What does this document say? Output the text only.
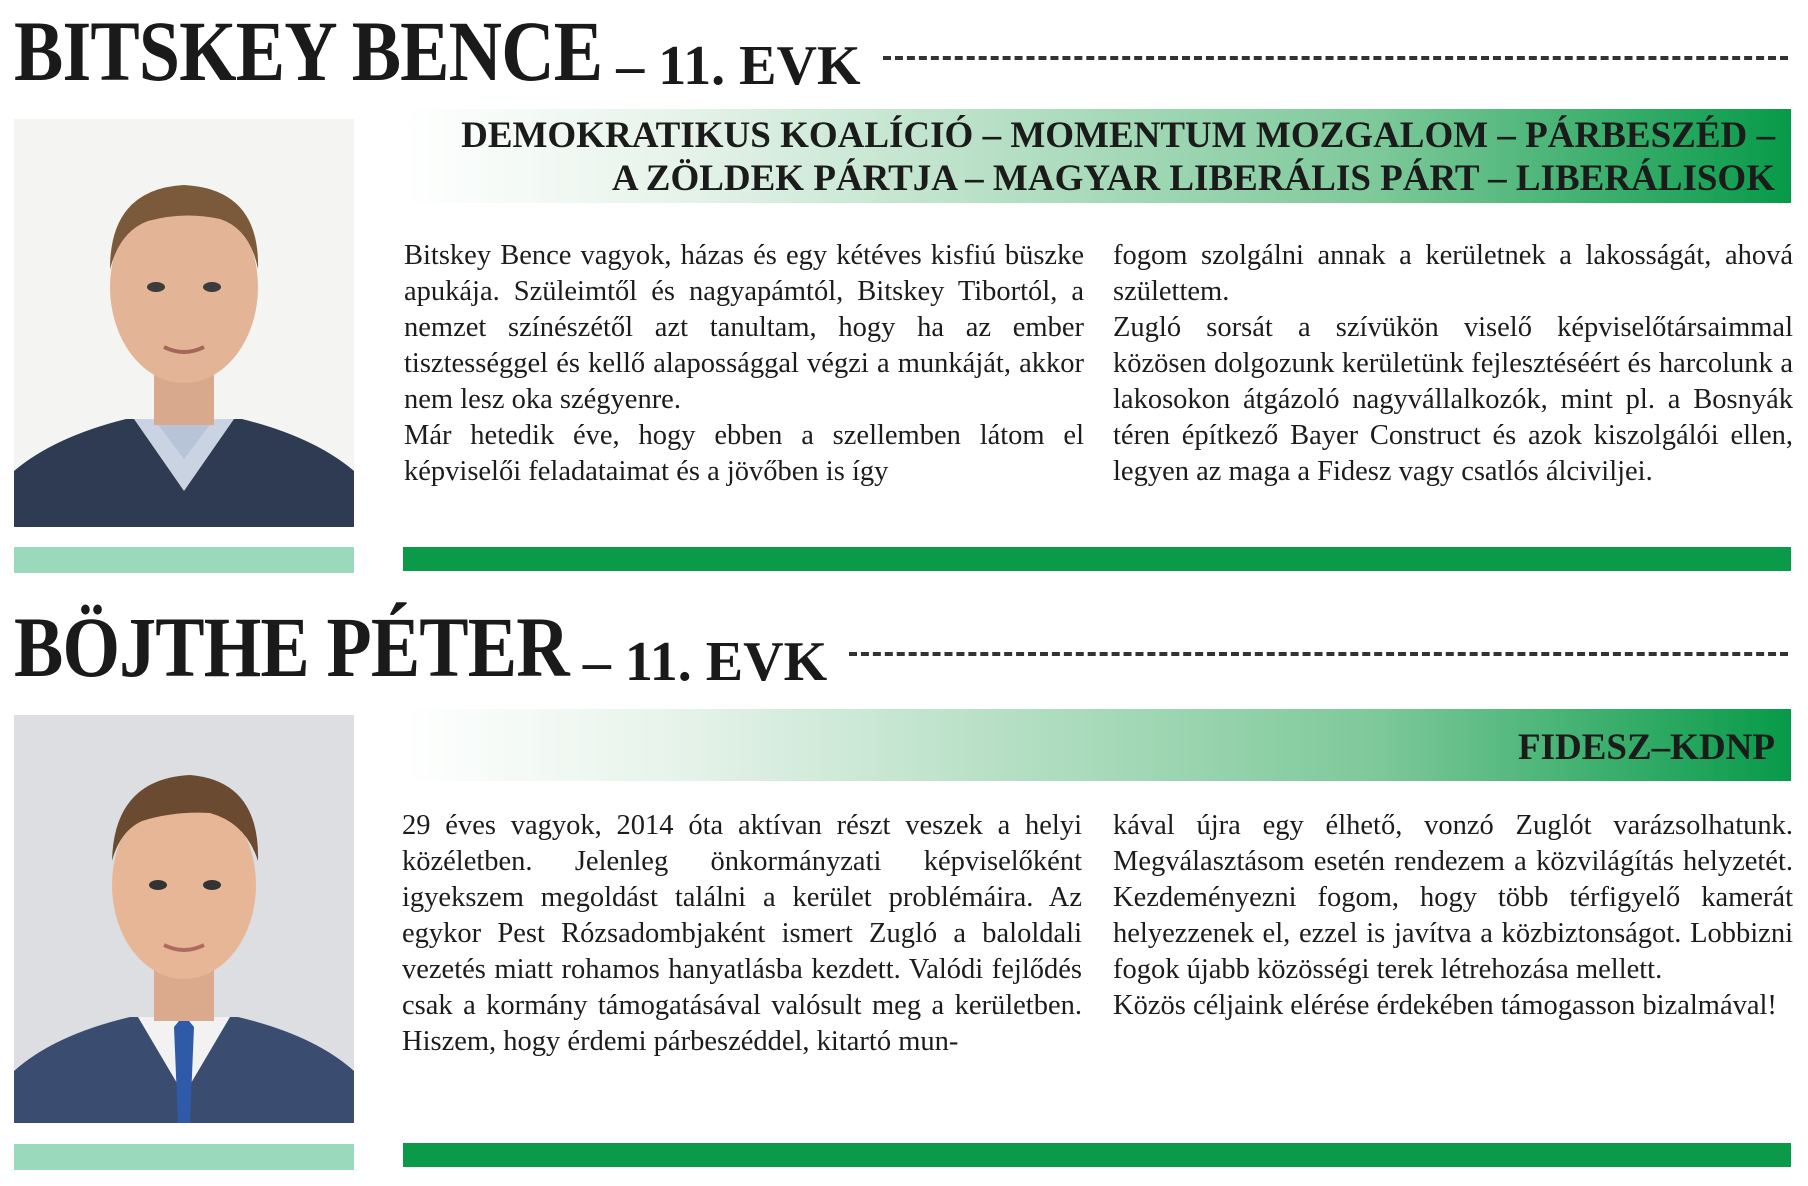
BITSKEY BENCE – 11. EVK
DEMOKRATIKUS KOALÍCIÓ – MOMENTUM MOZGALOM – PÁRBESZÉD –
A ZÖLDEK PÁRTJA – MAGYAR LIBERÁLIS PÁRT – LIBERÁLISOK

Bitskey Bence vagyok, házas és egy kétéves kisfiú büszke apukája. Szüleimtől és nagyapámtól, Bitskey Tibortól, a nemzet színészétől azt tanultam, hogy ha az ember tisztességgel és kellő alapossággal végzi a munkáját, akkor nem lesz oka szégyenre.

Már hetedik éve, hogy ebben a szellemben látom el képviselői feladataimat és a jövőben is így

fogom szolgálni annak a kerületnek a lakosságát, ahová születtem.

Zugló sorsát a szívükön viselő képviselőtársaimmal közösen dolgozunk kerületünk fejlesztéséért és harcolunk a lakosokon átgázoló nagyvállalkozók, mint pl. a Bosnyák téren építkező Bayer Construct és azok kiszolgálói ellen, legyen az maga a Fidesz vagy csatlós álciviljei.

BÖJTHE PÉTER – 11. EVK
FIDESZ–KDNP

29 éves vagyok, 2014 óta aktívan részt veszek a helyi közéletben. Jelenleg önkormányzati képviselőként igyekszem megoldást találni a kerület problémáira. Az egykor Pest Rózsadombjaként ismert Zugló a baloldali vezetés miatt rohamos hanyatlásba kezdett. Valódi fejlődés csak a kormány támogatásával valósult meg a kerületben. Hiszem, hogy érdemi párbeszéddel, kitartó mun-

kával újra egy élhető, vonzó Zuglót varázsolhatunk. Megválasztásom esetén rendezem a közvilágítás helyzetét. Kezdeményezni fogom, hogy több térfigyelő kamerát helyezzenek el, ezzel is javítva a közbiztonságot. Lobbizni fogok újabb közösségi terek létrehozása mellett.

Közös céljaink elérése érdekében támogasson bizalmával!
